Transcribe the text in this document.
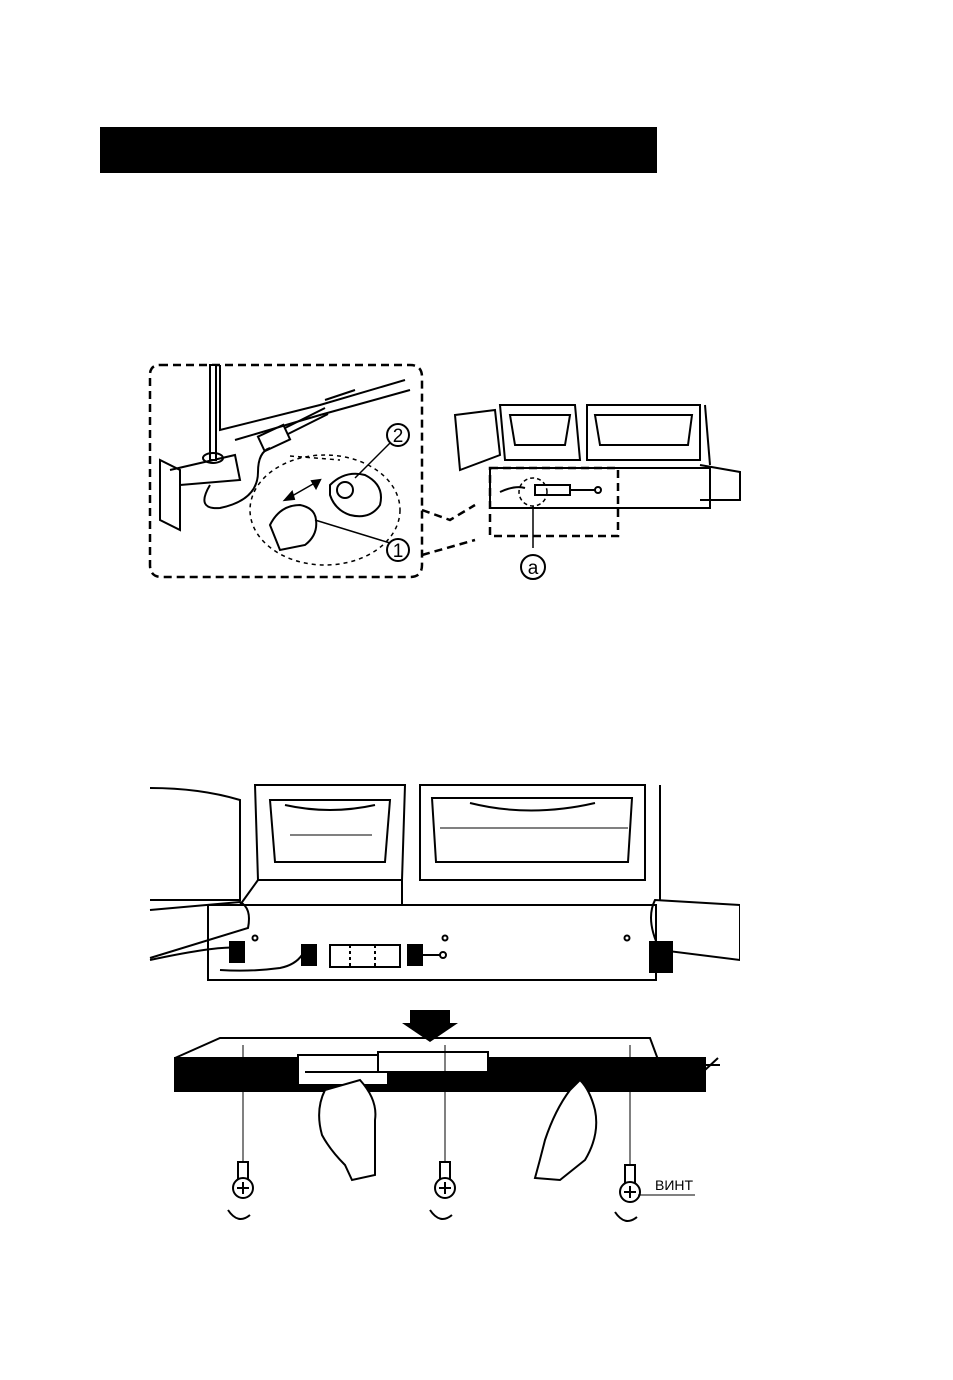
2
1
a
ВИНТ
